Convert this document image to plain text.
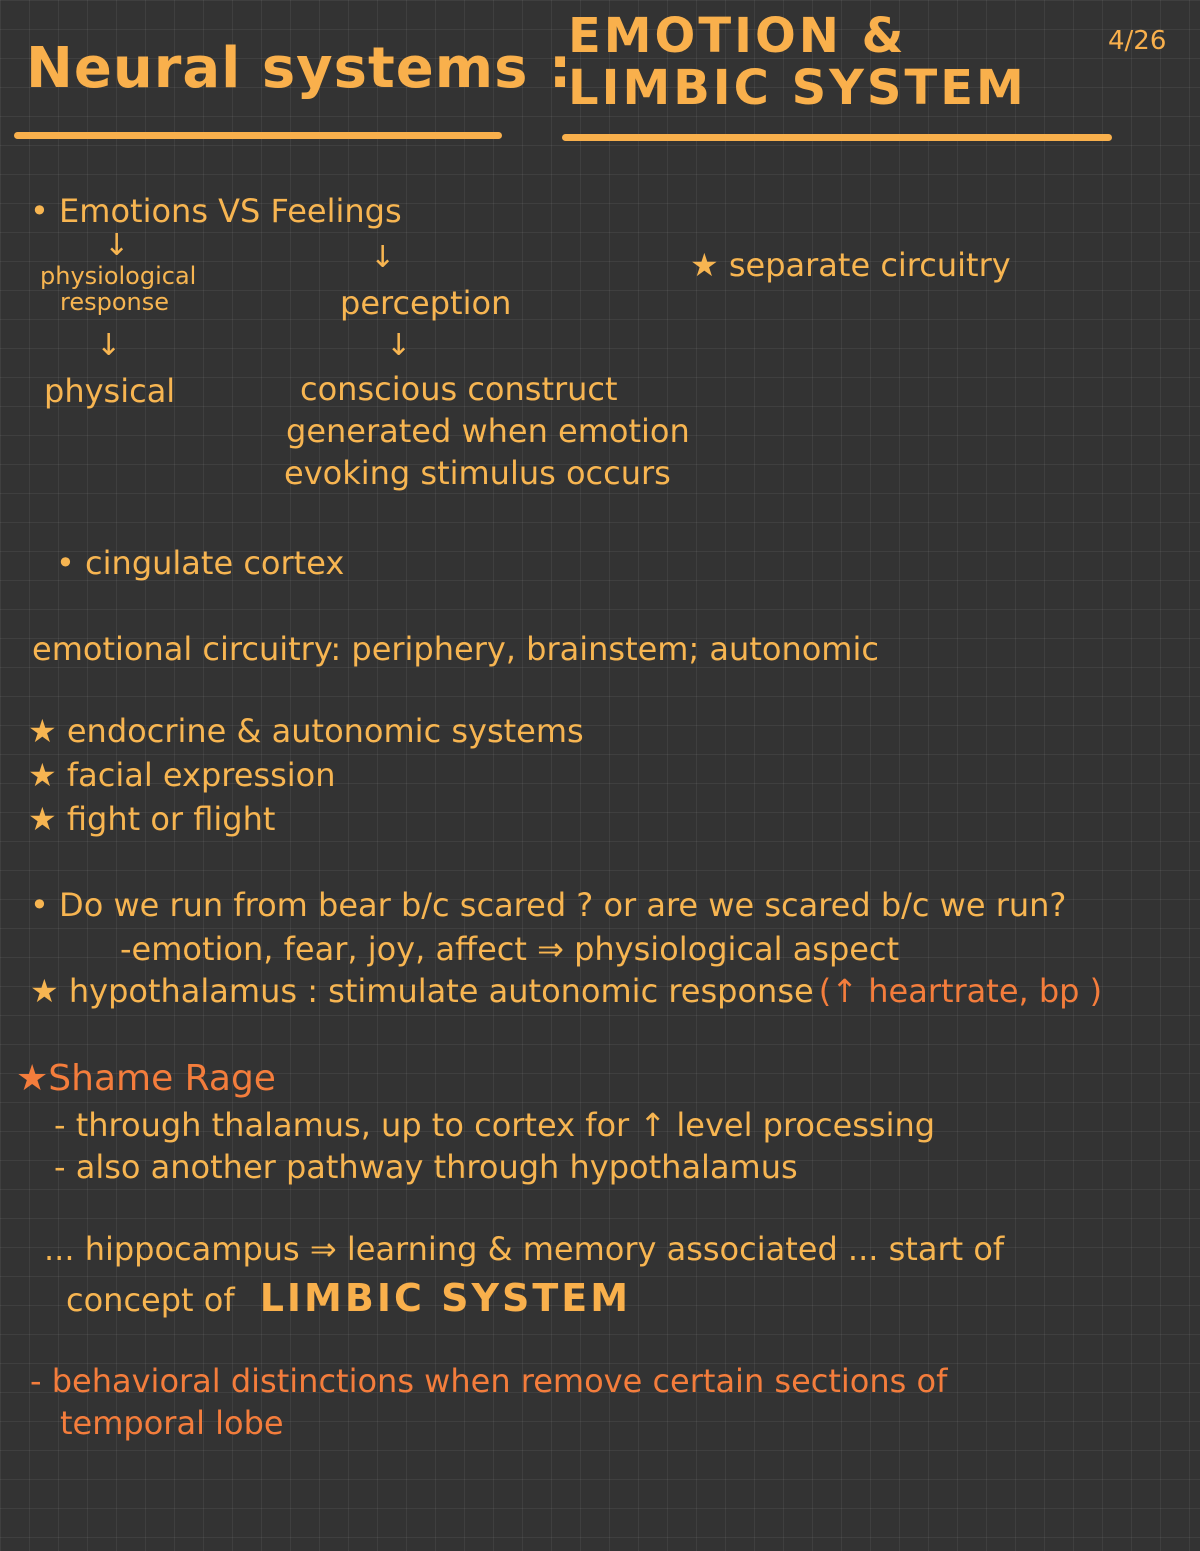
Neural systems :
EMOTION &
LIMBIC SYSTEM
4/26
• Emotions VS Feelings
↓	↓
physiological
response	perception
↓	↓
★ separate circuitry
physical	conscious construct
generated when emotion
evoking stimulus occurs
• cingulate cortex
emotional circuitry: periphery, brainstem; autonomic
★ endocrine & autonomic systems
★ facial expression
★ fight or flight
• Do we run from bear b/c scared ? or are we scared b/c we run?
-emotion, fear, joy, affect ⇒ physiological aspect
★ hypothalamus : stimulate autonomic response (↑ heartrate, bp )
★Shame Rage
- through thalamus, up to cortex for ↑ level processing
- also another pathway through hypothalamus
... hippocampus ⇒ learning & memory associated ... start of
concept of LIMBIC SYSTEM
- behavioral distinctions when remove certain sections of
temporal lobe
